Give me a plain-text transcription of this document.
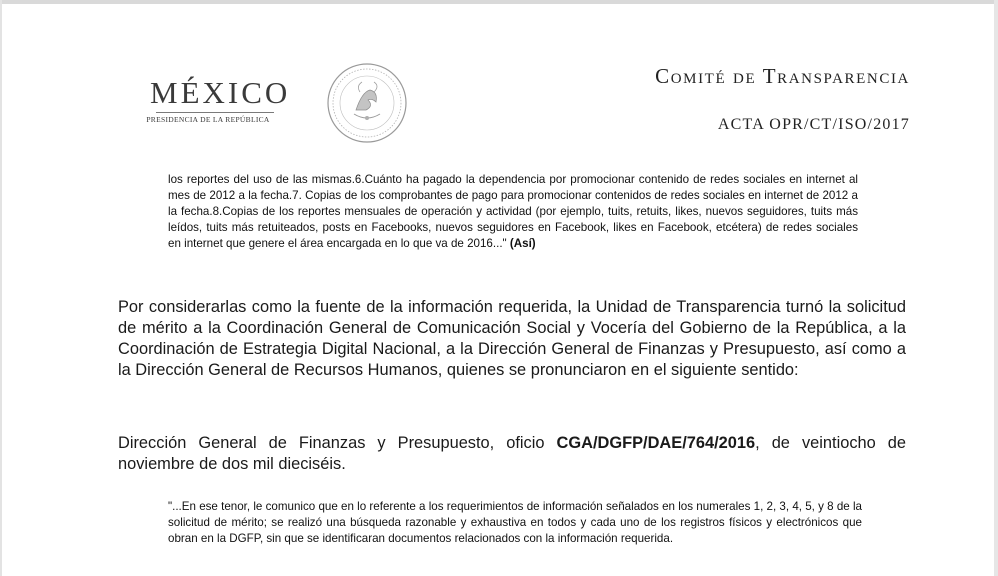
MÉXICO
PRESIDENCIA DE LA REPÚBLICA
Comité de Transparencia
ACTA OPR/CT/ISO/2017
los reportes del uso de las mismas.6.Cuánto ha pagado la dependencia por promocionar contenido de redes sociales en internet al mes de 2012 a la fecha.7. Copias de los comprobantes de pago para promocionar contenidos de redes sociales en internet de 2012 a la fecha.8.Copias de los reportes mensuales de operación y actividad (por ejemplo, tuits, retuits, likes, nuevos seguidores, tuits más leídos, tuits más retuiteados, posts en Facebooks, nuevos seguidores en Facebook, likes en Facebook, etcétera) de redes sociales en internet que genere el área encargada en lo que va de 2016..." (Así)
Por considerarlas como la fuente de la información requerida, la Unidad de Transparencia turnó la solicitud de mérito a la Coordinación General de Comunicación Social y Vocería del Gobierno de la República, a la Coordinación de Estrategia Digital Nacional, a la Dirección General de Finanzas y Presupuesto, así como a la Dirección General de Recursos Humanos, quienes se pronunciaron en el siguiente sentido:
Dirección General de Finanzas y Presupuesto, oficio CGA/DGFP/DAE/764/2016, de veintiocho de noviembre de dos mil dieciséis.
"...En ese tenor, le comunico que en lo referente a los requerimientos de información señalados en los numerales 1, 2, 3, 4, 5, y 8 de la solicitud de mérito; se realizó una búsqueda razonable y exhaustiva en todos y cada uno de los registros físicos y electrónicos que obran en la DGFP, sin que se identificaran documentos relacionados con la información requerida.
